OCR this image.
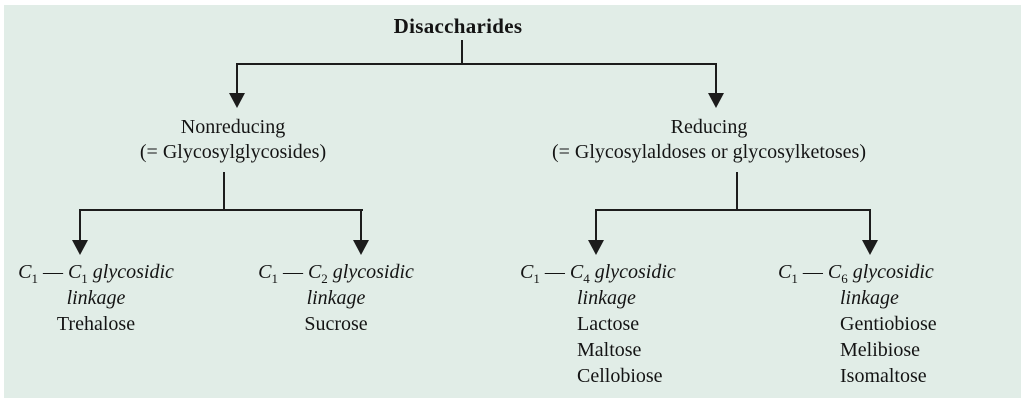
Disaccharides
Nonreducing
(= Glycosylglycosides)
Reducing
(= Glycosylaldoses or glycosylketoses)
$C_1$ — $C_1$ glycosidic
linkage
Trehalose
$C_1$ — $C_2$ glycosidic
linkage
Sucrose
$C_1$ — $C_4$ glycosidic
linkage
Lactose
Maltose
Cellobiose
$C_1$ — $C_6$ glycosidic
linkage
Gentiobiose
Melibiose
Isomaltose
